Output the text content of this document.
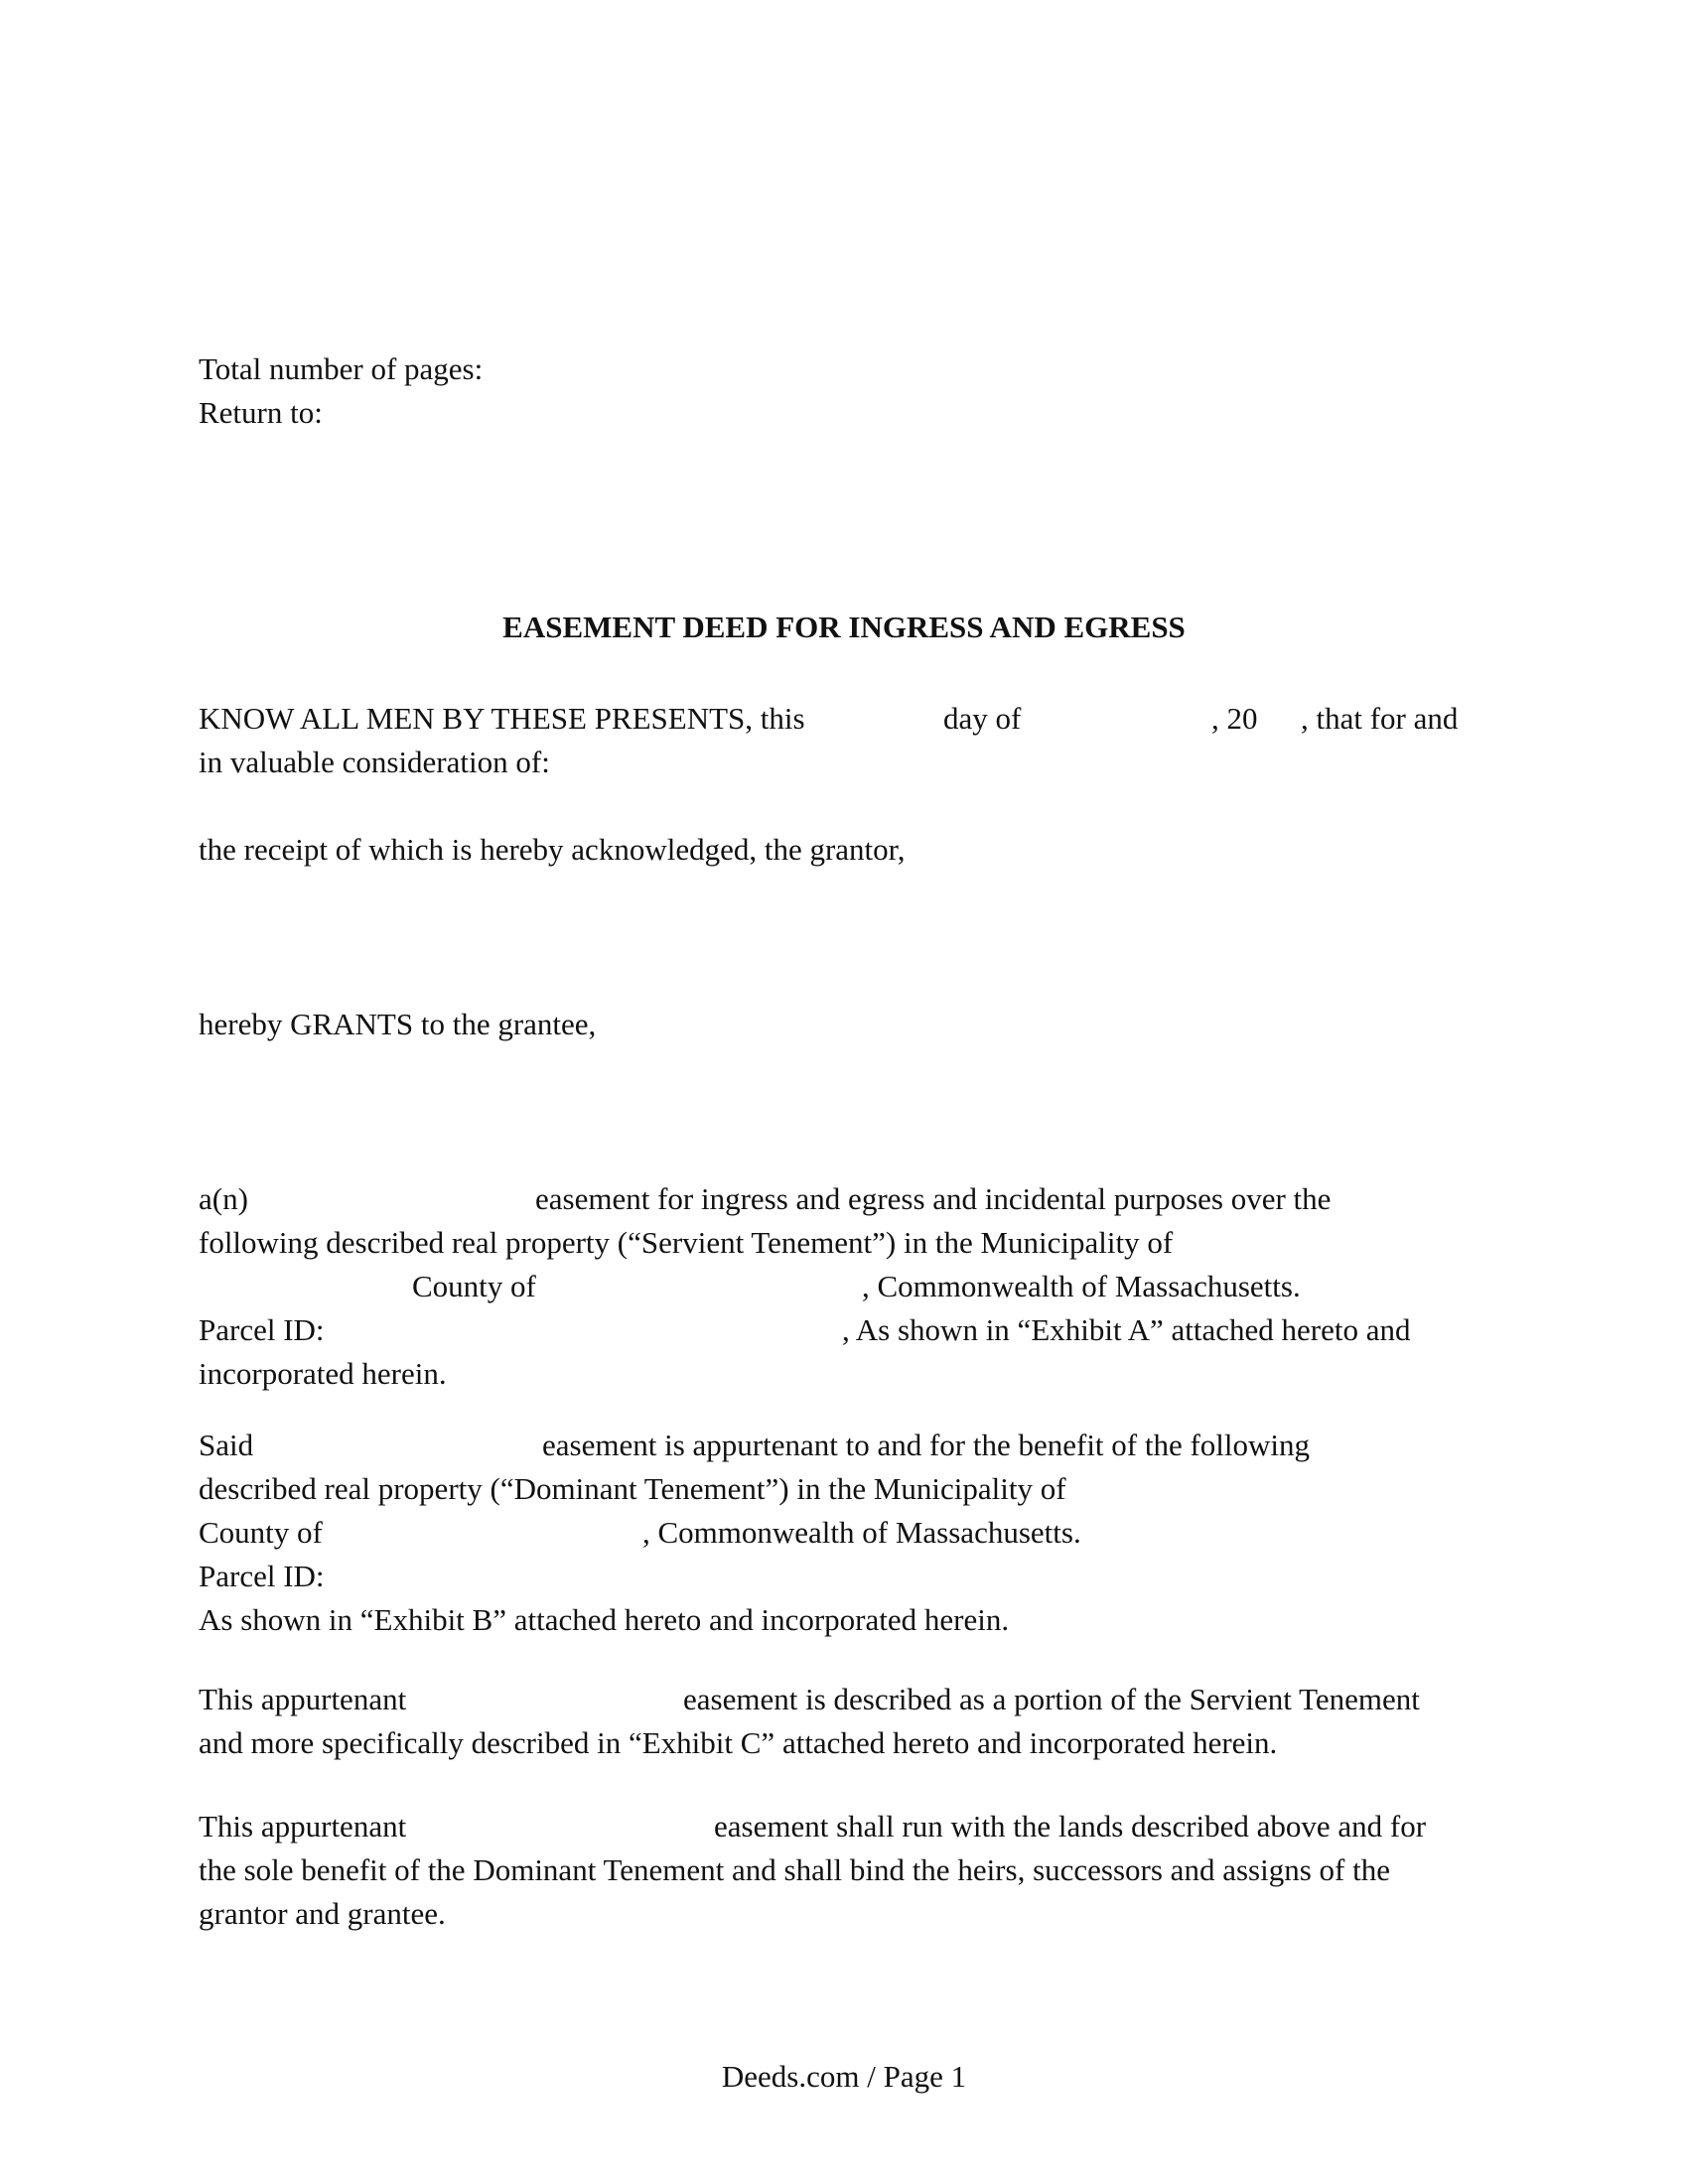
Total number of pages:
Return to:
EASEMENT DEED FOR INGRESS AND EGRESS
KNOW ALL MEN BY THESE PRESENTS, this	day of	, 20 , that for and
in valuable consideration of:
the receipt of which is hereby acknowledged, the grantor,
hereby GRANTS to the grantee,
a(n)	easement for ingress and egress and incidental purposes over the
following described real property (“Servient Tenement”) in the Municipality of
County of	, Commonwealth of Massachusetts.
Parcel ID:	, As shown in “Exhibit A” attached hereto and
incorporated herein.
Said	easement is appurtenant to and for the benefit of the following
described real property (“Dominant Tenement”) in the Municipality of
County of	, Commonwealth of Massachusetts.
Parcel ID:
As shown in “Exhibit B” attached hereto and incorporated herein.
This appurtenant	easement is described as a portion of the Servient Tenement
and more specifically described in “Exhibit C” attached hereto and incorporated herein.
This appurtenant	easement shall run with the lands described above and for
the sole benefit of the Dominant Tenement and shall bind the heirs, successors and assigns of the
grantor and grantee.
Deeds.com / Page 1
